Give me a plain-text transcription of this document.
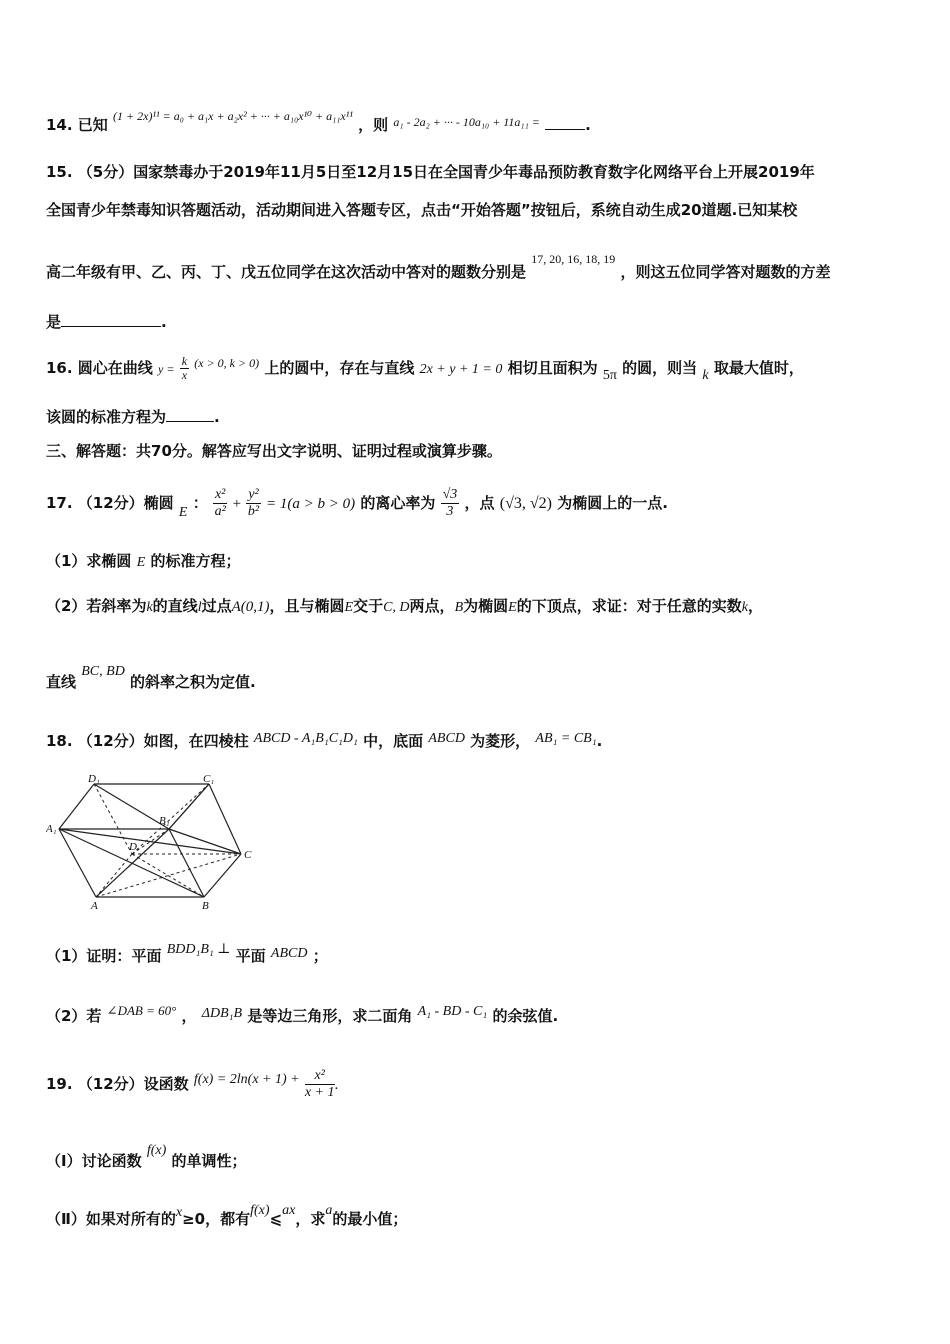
14. 已知 $^{(1 + 2x)^{11} = a_0 + a_1x + a_2x^2 + \cdot\cdot\cdot + a_{10}x^{10} + a_{11}x^{11}}$ ，则 $^{a_1 - 2a_2 + \cdot\cdot\cdot - 10a_{10} + 11a_{11} =}$	.
15. （5分）国家禁毒办于2019年11月5日至12月15日在全国青少年毒品预防教育数字化网络平台上开展2019年
全国青少年禁毒知识答题活动，活动期间进入答题专区，点击“开始答题”按钮后，系统自动生成20道题.已知某校
高二年级有甲、乙、丙、丁、戊五位同学在这次活动中答对的题数分别是 $^{17, 20, 16, 18, 19}$ ，则这五位同学答对题数的方差
是	.
16. 圆心在曲线 $y = \frac{k}{x} ^{(x > 0, k > 0)}$ 上的圆中，存在与直线 2x + y + 1 = 0 相切且面积为 5π 的圆，则当 k 取最大值时，
该圆的标准方程为	.
三、解答题：共70分。解答应写出文字说明、证明过程或演算步骤。
17. （12分）椭圆 E ： $\frac{\text{x²}}{\text{a²}} + \frac{\text{y²}}{\text{b²}} = 1(a > b > 0)$ 的离心率为 $\frac{√3}{3}$ ，点 (√3, √2) 为椭圆上的一点.
（1）求椭圆 E 的标准方程；
（2）若斜率为k的直线l过点A(0,1)，且与椭圆E交于C, D两点，B为椭圆E的下顶点，求证：对于任意的实数k，
直线 BC, BD 的斜率之积为定值.
18. （12分）如图，在四棱柱 ABCD - A₁B₁C₁D₁ 中，底面 ABCD 为菱形， AB₁ = CB₁.
D₁	C₁
A₁
B₁
D
C
A	B
（1）证明：平面 BDD₁B₁ ⊥ 平面 ABCD ；
（2）若 ∠DAB = 60° ， ΔDB₁B 是等边三角形，求二面角 A₁ - BD - C₁ 的余弦值.
19. （12分）设函数 $f(x) = 2\ln(x + 1) + \frac{\text{x²}}{x + 1}$ .
（Ⅰ）讨论函数 f(x) 的单调性；
（Ⅱ）如果对所有的x≥0，都有f(x)⩽ax，求a的最小值；
